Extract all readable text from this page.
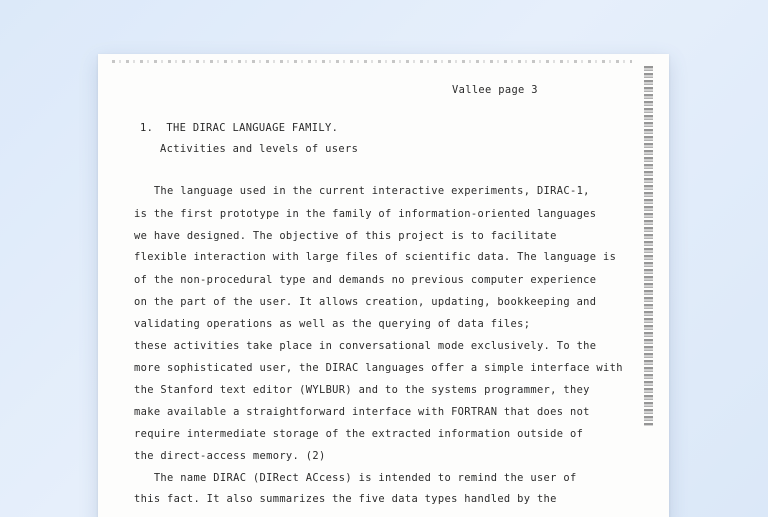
Vallee page 3
1.  THE DIRAC LANGUAGE FAMILY.
Activities and levels of users
The language used in the current interactive experiments, DIRAC-1,
is the first prototype in the family of information-oriented languages
we have designed. The objective of this project is to facilitate
flexible interaction with large files of scientific data. The language is
of the non-procedural type and demands no previous computer experience
on the part of the user. It allows creation, updating, bookkeeping and
validating operations as well as the querying of data files;
these activities take place in conversational mode exclusively. To the
more sophisticated user, the DIRAC languages offer a simple interface with
the Stanford text editor (WYLBUR) and to the systems programmer, they
make available a straightforward interface with FORTRAN that does not
require intermediate storage of the extracted information outside of
the direct-access memory. (2)
The name DIRAC (DIRect ACcess) is intended to remind the user of
this fact. It also summarizes the five data types handled by the
